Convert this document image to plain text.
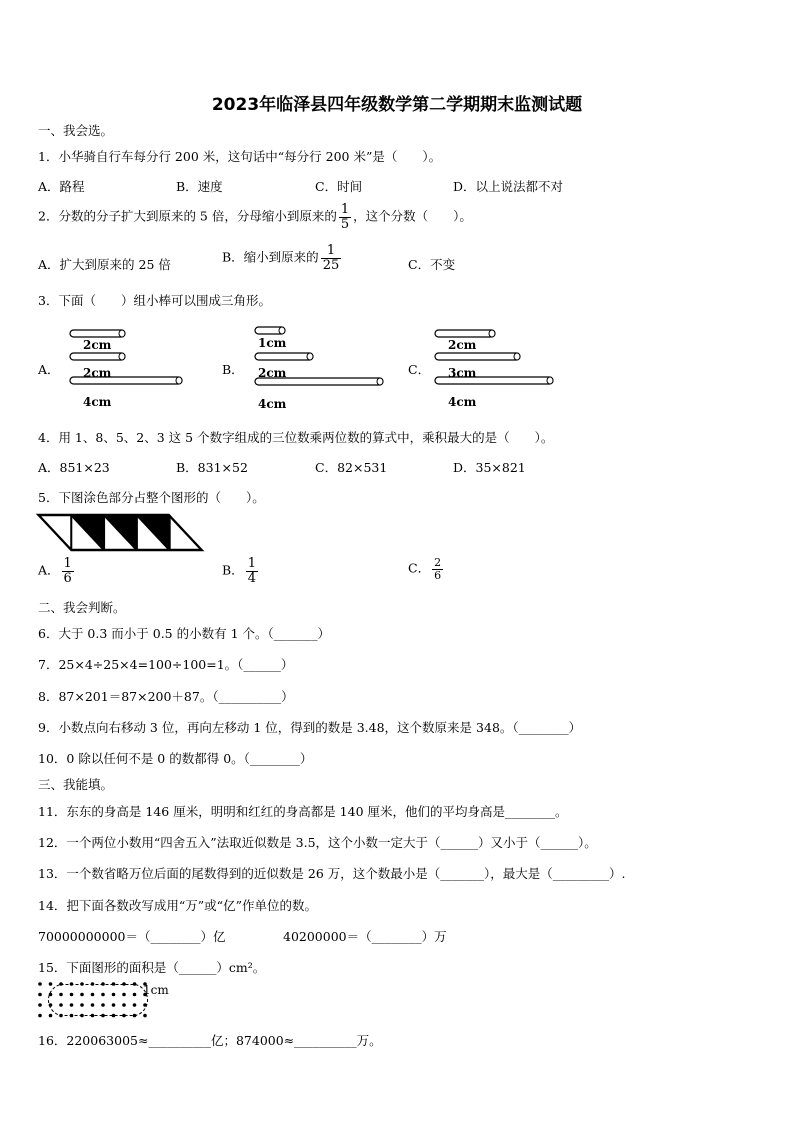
2023年临泽县四年级数学第二学期期末监测试题
一、我会选。
1．小华骑自行车每分行 200 米，这句话中“每分行 200 米”是（　　）。
A．路程	B．速度	C．时间	D．以上说法都不对
2．分数的分子扩大到原来的 5 倍，分母缩小到原来的 $\frac{1}{5}$ ，这个分数（　　）。
A．扩大到原来的 25 倍	B．缩小到原来的 $\frac{1}{25}$	C．不变
3．下面（　　）组小棒可以围成三角形。
A．	B．	C．
2cm
2cm
4cm
1cm
2cm
4cm
2cm
3cm
4cm
4．用 1、8、5、2、3 这 5 个数字组成的三位数乘两位数的算式中，乘积最大的是（　　）。
A．851×23	B．831×52	C．82×531	D．35×821
5．下图涂色部分占整个图形的（　　）。
A． $\frac{1}{6}$	B． $\frac{1}{4}$	C． $\frac{2}{6}$
二、我会判断。
6．大于 0.3 而小于 0.5 的小数有 1 个。（_______）
7．25×4÷25×4=100÷100=1。（______）
8．87×201＝87×200＋87。（__________）
9．小数点向右移动 3 位，再向左移动 1 位，得到的数是 3.48，这个数原来是 348。（________）
10．0 除以任何不是 0 的数都得 0。（________）
三、我能填。
11．东东的身高是 146 厘米，明明和红红的身高都是 140 厘米，他们的平均身高是________。
12．一个两位小数用“四舍五入”法取近似数是 3.5，这个小数一定大于（______）又小于（______）。
13．一个数省略万位后面的尾数得到的近似数是 26 万，这个数最小是（_______），最大是（_________）.
14．把下面各数改写成用“万”或“亿”作单位的数。
70000000000＝（________）亿	40200000＝（________）万
15．下面图形的面积是（______）cm²。
1cm
16．220063005≈__________亿；874000≈__________万。
